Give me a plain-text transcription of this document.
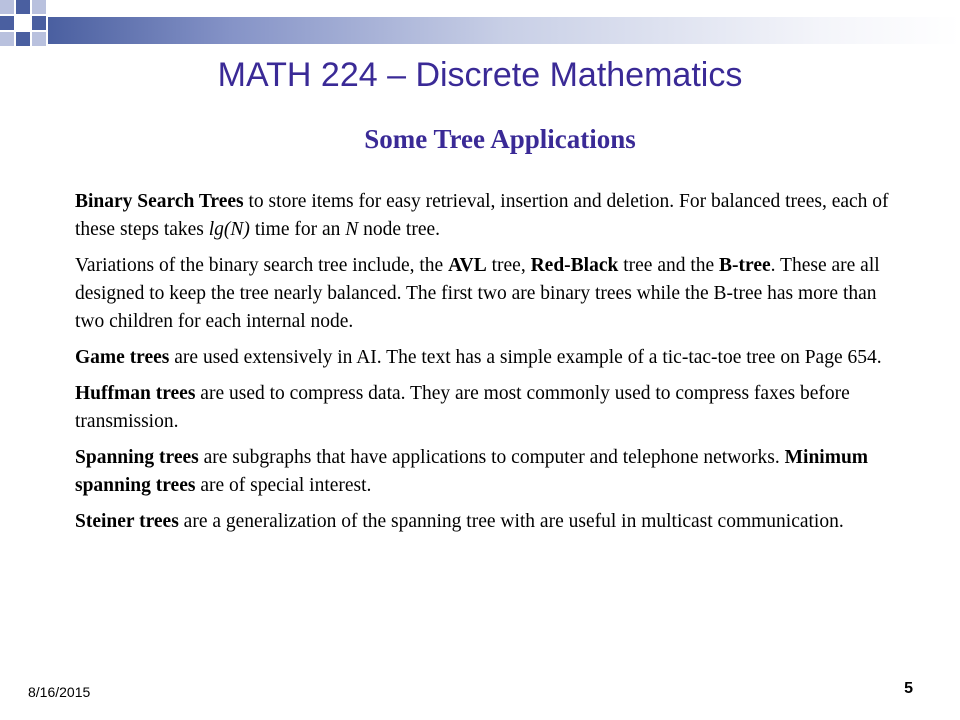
MATH 224 – Discrete Mathematics
Some Tree Applications

Binary Search Trees to store items for easy retrieval, insertion and deletion. For balanced trees, each of these steps takes lg(N) time for an N node tree.

Variations of the binary search tree include, the AVL tree, Red-Black tree and the B-tree. These are all designed to keep the tree nearly balanced. The first two are binary trees while the B-tree has more than two children for each internal node.

Game trees are used extensively in AI. The text has a simple example of a tic-tac-toe tree on Page 654.

Huffman trees are used to compress data. They are most commonly used to compress faxes before transmission.

Spanning trees are subgraphs that have applications to computer and telephone networks. Minimum spanning trees are of special interest.

Steiner trees are a generalization of the spanning tree with are useful in multicast communication.

8/16/2015	5
